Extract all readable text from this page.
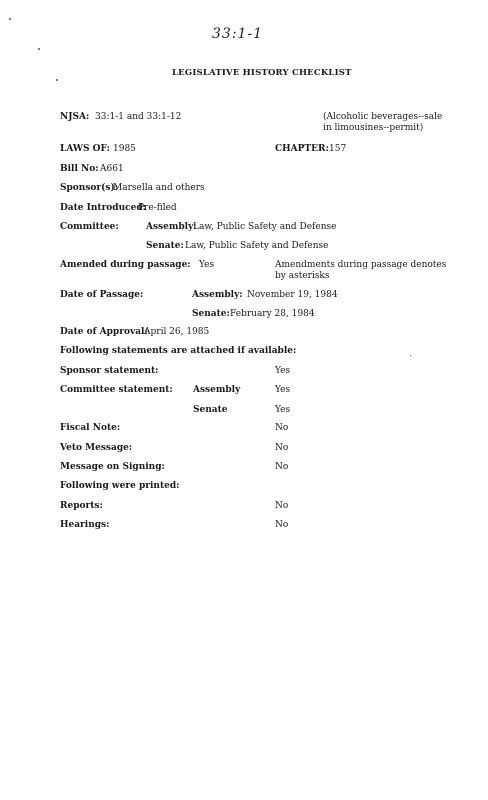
33:1-1
LEGISLATIVE HISTORY CHECKLIST
NJSA: 33:1-1 and 33:1-12	(Alcoholic beverages--sale
in limousines--permit)
LAWS OF: 1985	CHAPTER: 157
Bill No: A661
Sponsor(s):
Marsella and others
Date Introduced:
Pre-filed
Committee:	Assembly:
Law, Public Safety and Defense
Senate: Law, Public Safety and Defense
Amended during passage: Yes	Amendments during passage denotes
by asterisks
Date of Passage:	Assembly: November 19, 1984
Senate: February 28, 1984
Date of Approval:
April 26, 1985
Following statements are attached if available:
Sponsor statement:	Yes
Committee statement: Assembly	Yes
Senate	Yes
Fiscal Note:	No
Veto Message:	No
Message on Signing:	No
Following were printed:
Reports:	No
Hearings:	No
